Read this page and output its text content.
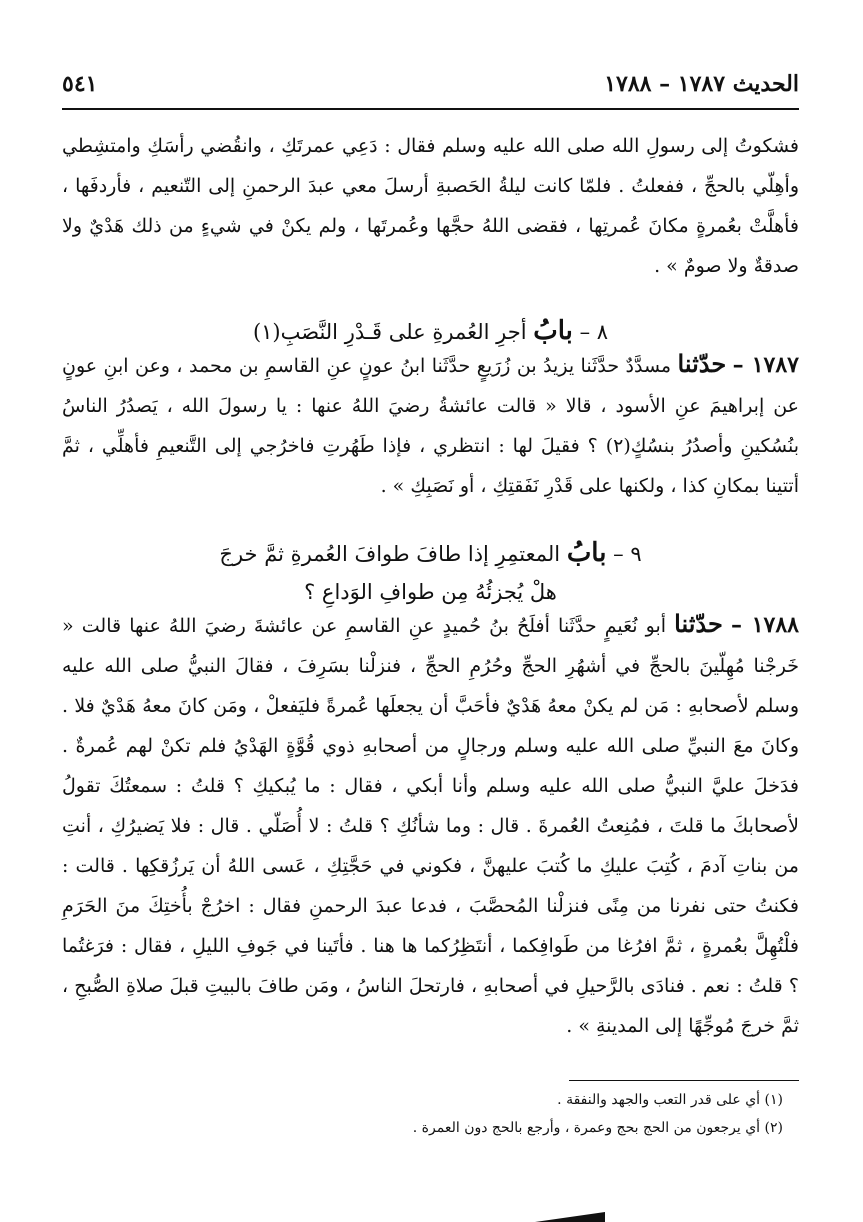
الحديث ١٧٨٧ – ١٧٨٨
٥٤١
فشكوتُ إلى رسولِ الله صلى الله عليه وسلم فقال : دَعِي عمرتَكِ ، وانقُضي رأسَكِ وامتشِطي وأهِلّي بالحجِّ ، ففعلتُ . فلمّا كانت ليلةُ الحَصبةِ أرسلَ معي عبدَ الرحمنِ إلى التّنعيم ، فأردفَها ، فأهلَّتْ بعُمرةٍ مكانَ عُمرتِها ، فقضى اللهُ حجَّها وعُمرتَها ، ولم يكنْ في شيءٍ من ذلك هَدْيٌ ولا صدقةٌ ولا صومٌ » .
٨ – بابُ أجرِ العُمرةِ على قَـدْرِ النَّصَبِ(١)
١٧٨٧ – حدّثنا مسدَّدٌ حدَّثَنا يزيدُ بن زُرَيعٍ حدَّثَنا ابنُ عونٍ عنِ القاسمِ بن محمد ، وعن ابنِ عونٍ عن إبراهيمَ عنِ الأسود ، قالا « قالت عائشةُ رضيَ اللهُ عنها : يا رسولَ الله ، يَصدُرُ الناسُ بنُسُكينِ وأصدُرُ بنسُكٍ(٢) ؟ فقيلَ لها : انتظري ، فإذا طَهُرتِ فاخرُجي إلى التَّنعيمِ فأهلِّي ، ثمَّ أتتينا بمكانِ كذا ، ولكنها على قَدْرِ نَفَقتِكِ ، أو نَصَبِكِ » .
٩ – بابُ المعتمِرِ إذا طافَ طوافَ العُمرةِ ثمَّ خرجَ
هلْ يُجزئُهُ مِن طوافِ الوَداعِ ؟
١٧٨٨ – حدّثنا أبو نُعَيمٍ حدَّثَنا أفلَحُ بنُ حُميدٍ عنِ القاسمِ عن عائشةَ رضيَ اللهُ عنها قالت « خَرجْنا مُهِلّينَ بالحجِّ في أشهُرِ الحجِّ وحُرُمِ الحجِّ ، فنزلْنا بسَرِفَ ، فقالَ النبيُّ صلى الله عليه وسلم لأصحابهِ : مَن لم يكنْ معهُ هَدْيٌ فأحَبَّ أن يجعلَها عُمرةً فليَفعلْ ، ومَن كانَ معهُ هَدْيٌ فلا . وكانَ معَ النبيِّ صلى الله عليه وسلم ورجالٍ من أصحابهِ ذوي قُوَّةٍ الهَدْيُ فلم تكنْ لهم عُمرةٌ . فدَخلَ عليَّ النبيُّ صلى الله عليه وسلم وأنا أبكي ، فقال : ما يُبكيكِ ؟ قلتُ : سمعتُكَ تقولُ لأصحابكَ ما قلتَ ، فمُنِعتُ العُمرةَ . قال : وما شأنُكِ ؟ قلتُ : لا أُصَلّي . قال : فلا يَضيرُكِ ، أنتِ من بناتِ آدمَ ، كُتِبَ عليكِ ما كُتبَ عليهنَّ ، فكوني في حَجَّتِكِ ، عَسى اللهُ أن يَرزُقكِها . قالت : فكنتُ حتى نفرنا من مِنًى فنزلْنا المُحصَّبَ ، فدعا عبدَ الرحمنِ فقال : اخرُجْ بأُختِكَ منَ الحَرَمِ فلْتُهِلَّ بعُمرةٍ ، ثمَّ افرُغا من طَوافِكما ، أنتَظِرُكما ها هنا . فأتَينا في جَوفِ الليلِ ، فقال : فرَغتُما ؟ قلتُ : نعم . فنادَى بالرَّحيلِ في أصحابهِ ، فارتحلَ الناسُ ، ومَن طافَ بالبيتِ قبلَ صلاةِ الصُّبحِ ، ثمَّ خرجَ مُوجِّهًا إلى المدينةِ » .
(١) أي على قدر التعب والجهد والنفقة .
(٢) أي يرجعون من الحج بحج وعمرة ، وأرجع بالحج دون العمرة .
